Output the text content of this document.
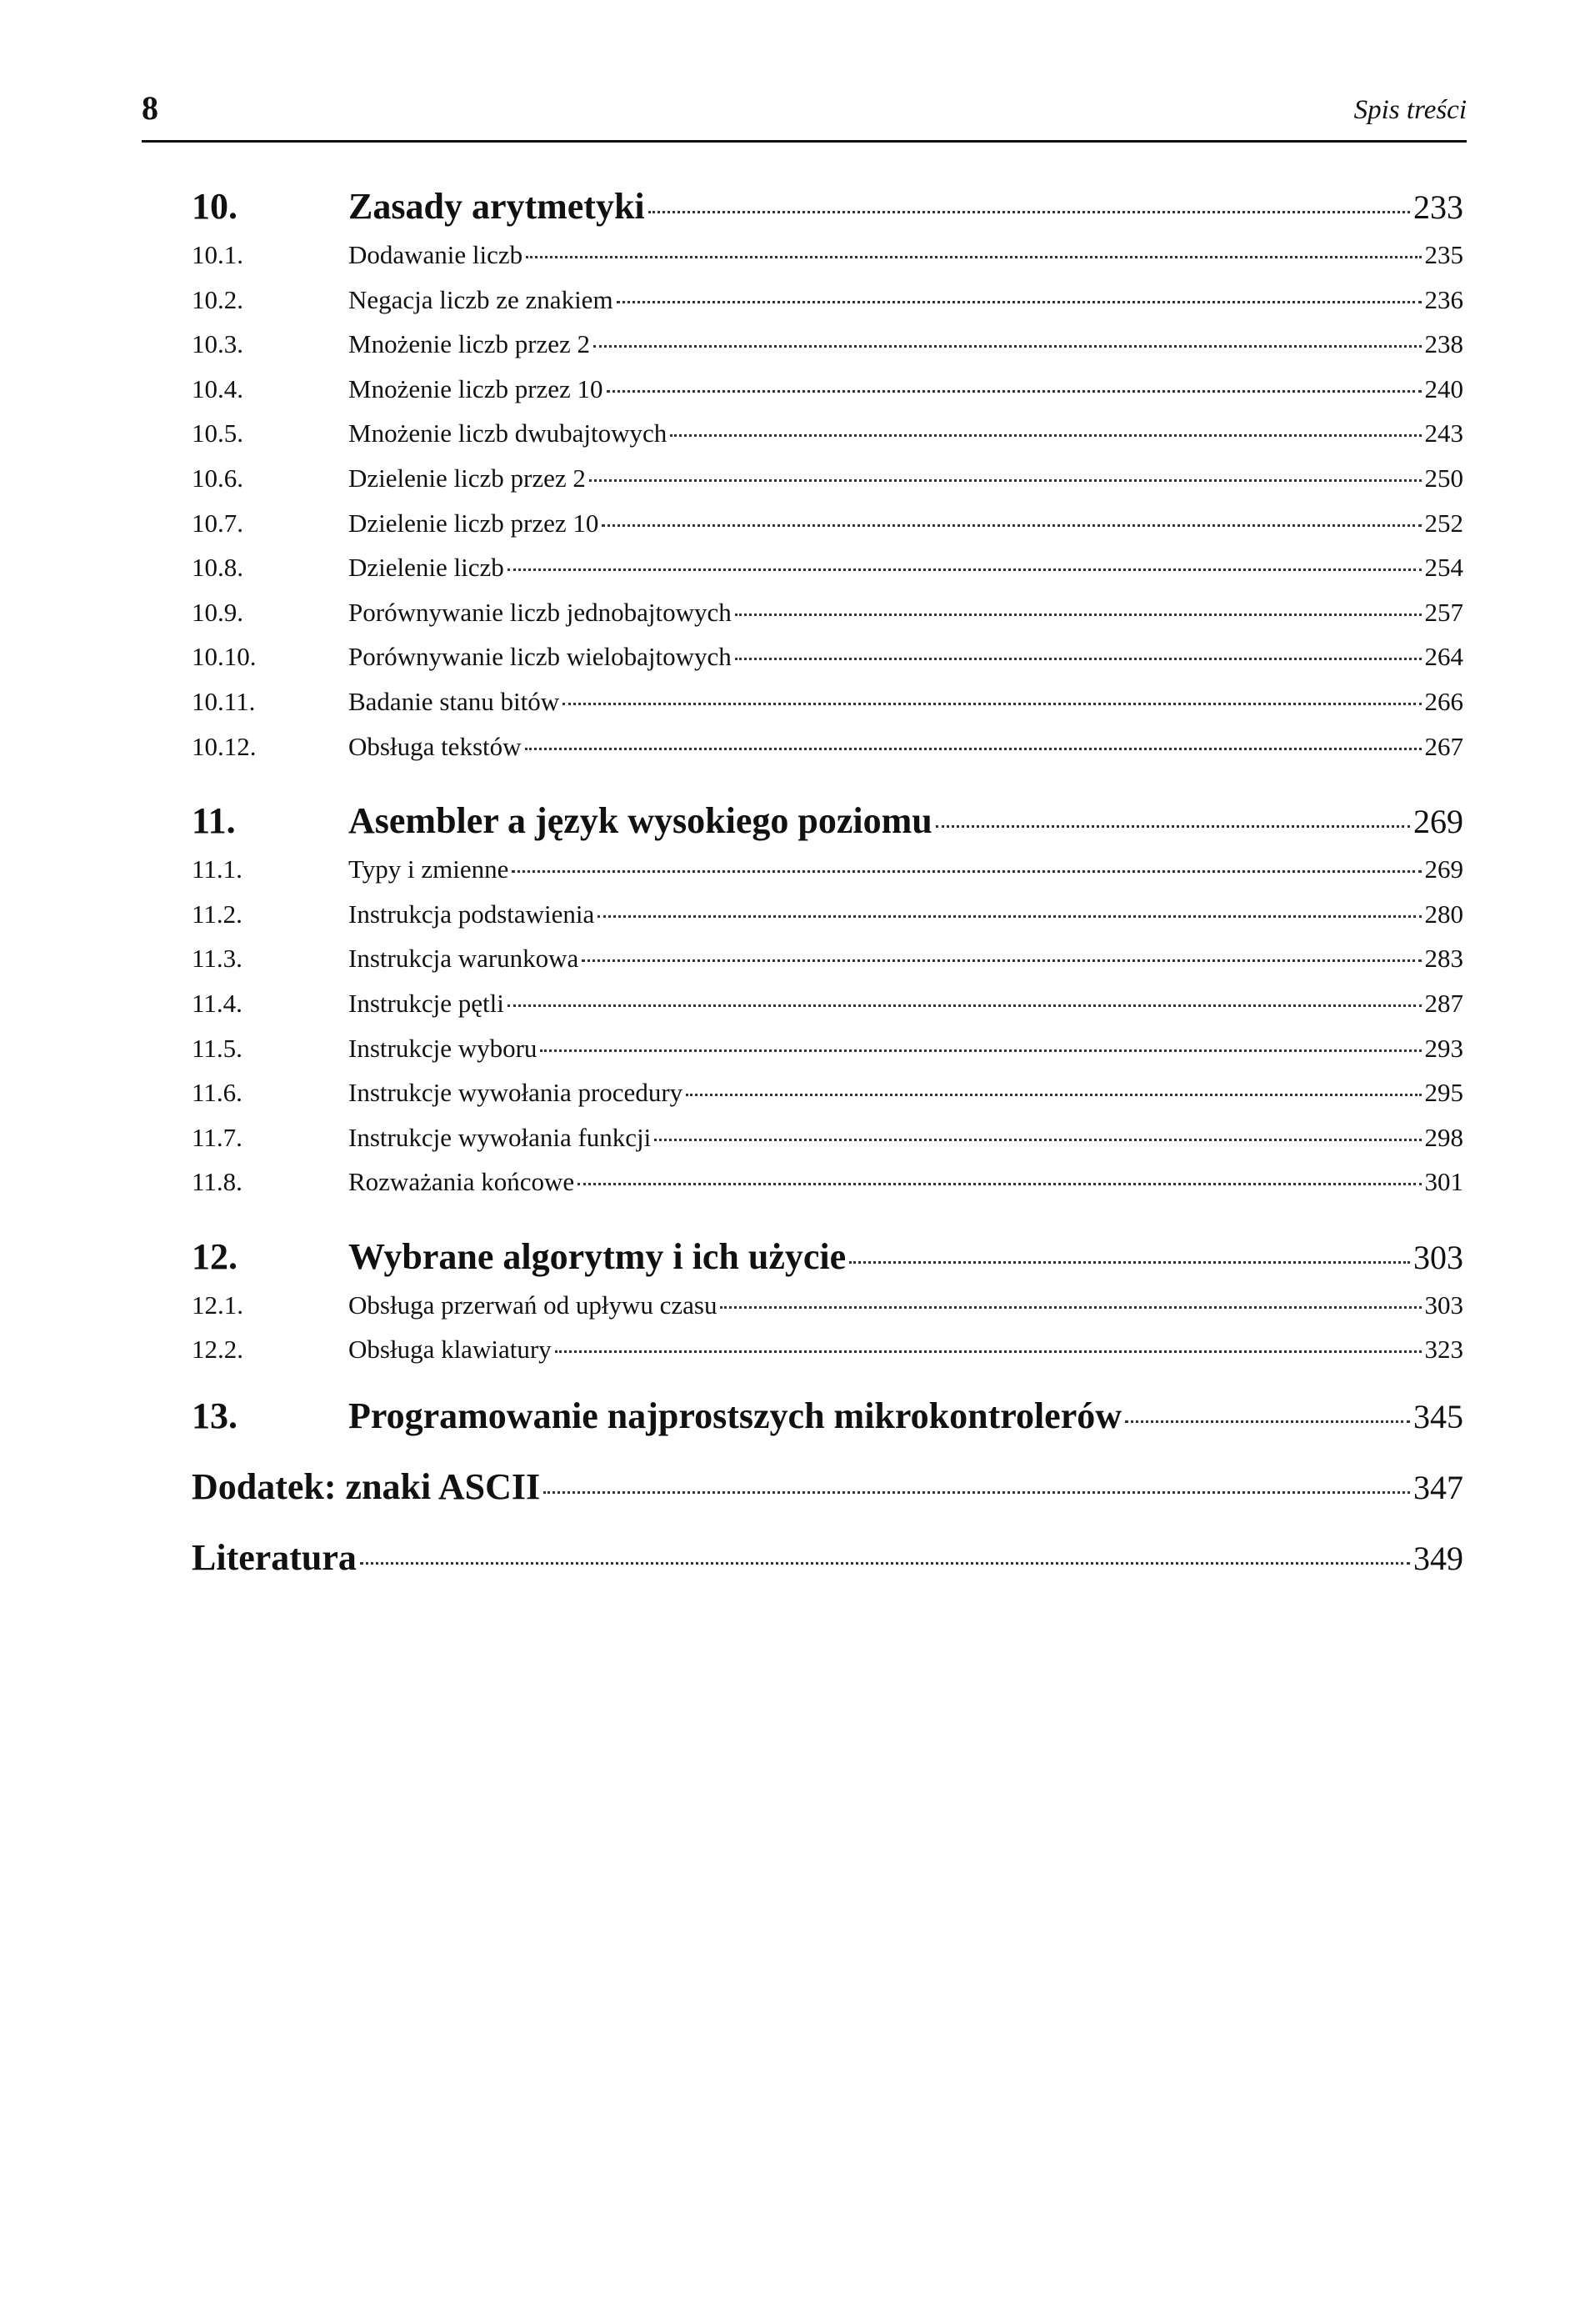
8	Spis treści
10.	Zasady arytmetyki	233
10.1.	Dodawanie liczb	235
10.2.	Negacja liczb ze znakiem	236
10.3.	Mnożenie liczb przez 2	238
10.4.	Mnożenie liczb przez 10	240
10.5.	Mnożenie liczb dwubajtowych	243
10.6.	Dzielenie liczb przez 2	250
10.7.	Dzielenie liczb przez 10	252
10.8.	Dzielenie liczb	254
10.9.	Porównywanie liczb jednobajtowych	257
10.10.	Porównywanie liczb wielobajtowych	264
10.11.	Badanie stanu bitów	266
10.12.	Obsługa tekstów	267
11.	Asembler a język wysokiego poziomu	269
11.1.	Typy i zmienne	269
11.2.	Instrukcja podstawienia	280
11.3.	Instrukcja warunkowa	283
11.4.	Instrukcje pętli	287
11.5.	Instrukcje wyboru	293
11.6.	Instrukcje wywołania procedury	295
11.7.	Instrukcje wywołania funkcji	298
11.8.	Rozważania końcowe	301
12.	Wybrane algorytmy i ich użycie	303
12.1.	Obsługa przerwań od upływu czasu	303
12.2.	Obsługa klawiatury	323
13.	Programowanie najprostszych mikrokontrolerów	345
Dodatek: znaki ASCII	347
Literatura	349
